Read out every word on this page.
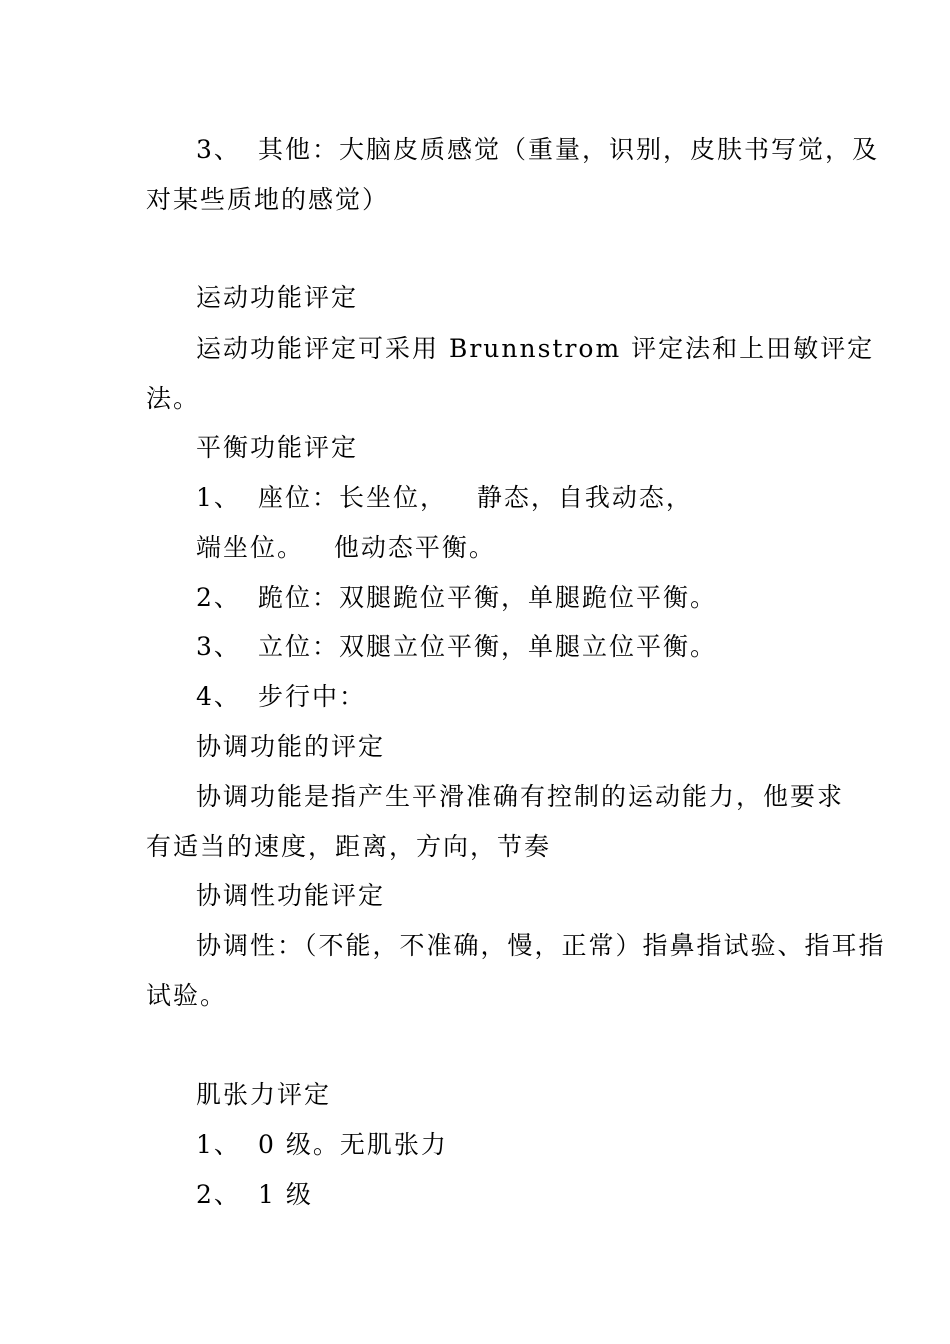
3、 其他：大脑皮质感觉（重量，识别，皮肤书写觉，及
对某些质地的感觉）
运动功能评定
运动功能评定可采用 Brunnstrom 评定法和上田敏评定
法。
平衡功能评定
1、 座位：长坐位，   静态，自我动态，
端坐位。   他动态平衡。
2、 跪位：双腿跪位平衡，单腿跪位平衡。
3、 立位：双腿立位平衡，单腿立位平衡。
4、 步行中：
协调功能的评定
协调功能是指产生平滑准确有控制的运动能力，他要求
有适当的速度，距离，方向，节奏
协调性功能评定
协调性：（不能，不准确，慢，正常）指鼻指试验、指耳指
试验。
肌张力评定
1、 0 级。无肌张力
2、 1 级
